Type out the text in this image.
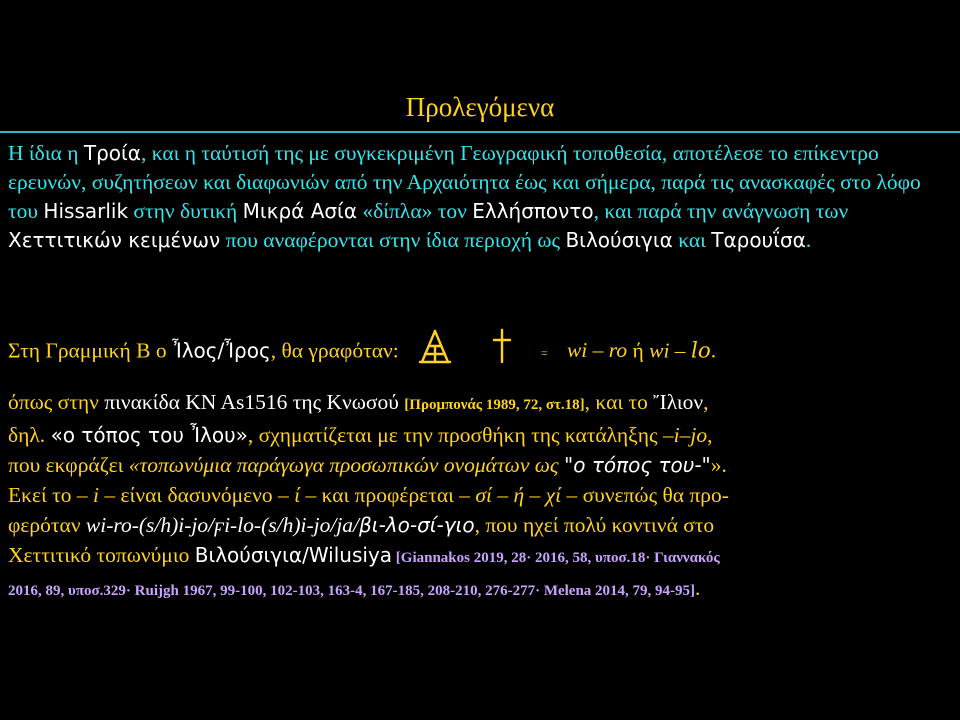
Προλεγόμενα
Η ίδια η Τροία, και η ταύτισή της με συγκεκριμένη Γεωγραφική τοποθεσία, αποτέλεσε το επίκεντρο ερευνών, συζητήσεων και διαφωνιών από την Αρχαιότητα έως και σήμερα, παρά τις ανασκαφές στο λόφο του Hissarlik στην δυτική Μικρά Ασία «δίπλα» τον Ελλήσποντο, και παρά την ανάγνωση των Χεττιτικών κειμένων που αναφέρονται στην ίδια περιοχή ως Βιλούσιγια και Ταρουΐσα.
Στη Γραμμική Β ο Ἶλος/Ἶρος, θα γραφόταν:	= wi – ro ή wi – lo.
όπως στην πινακίδα KN As1516 της Κνωσού [Προμπονάς 1989, 72, στ.18], και το Ἴλιον,
δηλ. «ο τόπος του Ἶλου», σχηματίζεται με την προσθήκη της κατάληξης –i–jo,
που εκφράζει «τοπωνύμια παράγωγα προσωπικών ονομάτων ως "ο τόπος του-"».
Εκεί το – i – είναι δασυνόμενο – ί – και προφέρεται – σί – ή – χί – συνεπώς θα προ-
φερόταν wi-ro-(s/h)i-jo/ϝi-lo-(s/h)i-jo/ja/βι-λο-σί-γιο, που ηχεί πολύ κοντινά στο
Χεττιτικό τοπωνύμιο Βιλούσιγια/Wilusiya [Giannakos 2019, 28· 2016, 58, υποσ.18· Γιαννακός
2016, 89, υποσ.329· Ruijgh 1967, 99-100, 102-103, 163-4, 167-185, 208-210, 276-277· Melena 2014, 79, 94-95].
